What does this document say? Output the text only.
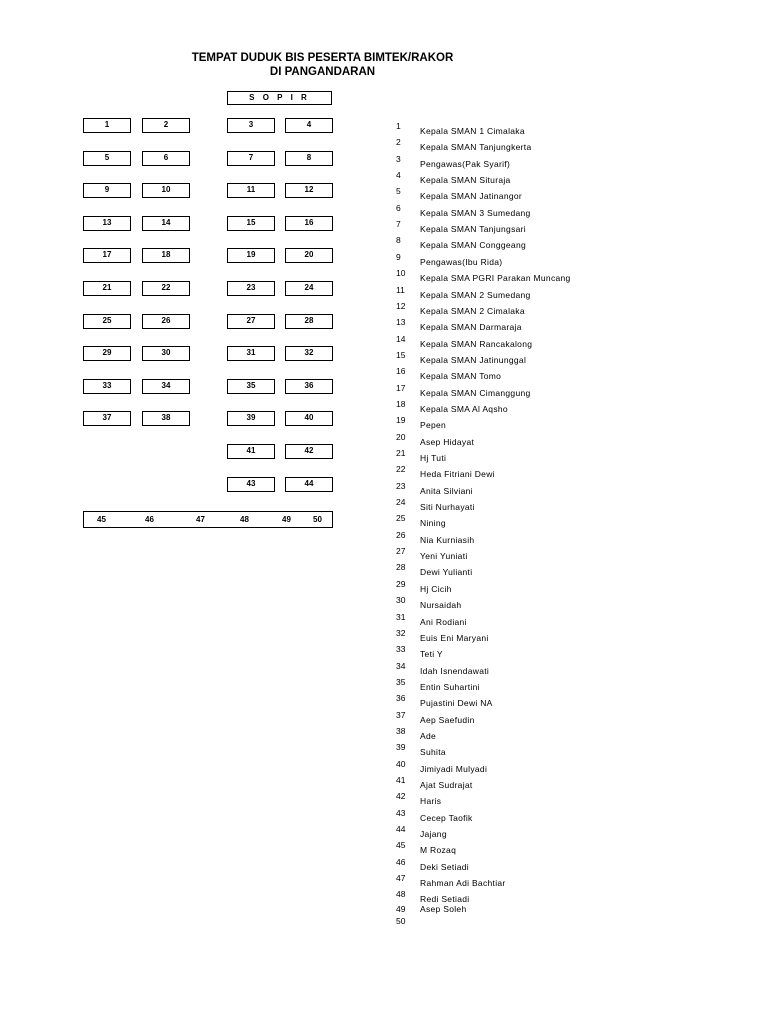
TEMPAT DUDUK BIS PESERTA BIMTEK/RAKOR
DI PANGANDARAN
S O P I R
1	2	3	4
5	6	7	8
9	10	11	12
13	14	15	16
17	18	19	20
21	22	23	24
25	26	27	28
29	30	31	32
33	34	35	36
37	38	39	40
41	42
43	44
45	46	47	48	49	50
1 Kepala SMAN 1 Cimalaka
2 Kepala SMAN Tanjungkerta
3 Pengawas(Pak Syarif)
4 Kepala SMAN Situraja
5 Kepala SMAN Jatinangor
6 Kepala SMAN 3 Sumedang
7 Kepala SMAN Tanjungsari
8 Kepala SMAN Conggeang
9 Pengawas(Ibu Rida)
10 Kepala SMA PGRI Parakan Muncang
11 Kepala SMAN 2 Sumedang
12 Kepala SMAN 2 Cimalaka
13 Kepala SMAN Darmaraja
14 Kepala SMAN Rancakalong
15 Kepala SMAN Jatinunggal
16 Kepala SMAN Tomo
17 Kepala SMAN Cimanggung
18 Kepala SMA Al Aqsho
19 Pepen
20 Asep Hidayat
21 Hj Tuti
22 Heda Fitriani Dewi
23 Anita Silviani
24 Siti Nurhayati
25 Nining
26 Nia Kurniasih
27 Yeni Yuniati
28 Dewi Yulianti
29 Hj Cicih
30 Nursaidah
31 Ani Rodiani
32 Euis Eni Maryani
33 Teti Y
34 Idah Isnendawati
35 Entin Suhartini
36 Pujastini Dewi NA
37 Aep Saefudin
38 Ade
39 Suhita
40 Jimiyadi Mulyadi
41 Ajat Sudrajat
42 Haris
43 Cecep Taofik
44 Jajang
45 M Rozaq
46 Deki Setiadi
47 Rahman Adi Bachtiar
48 Redi Setiadi
49 Asep Soleh
50
